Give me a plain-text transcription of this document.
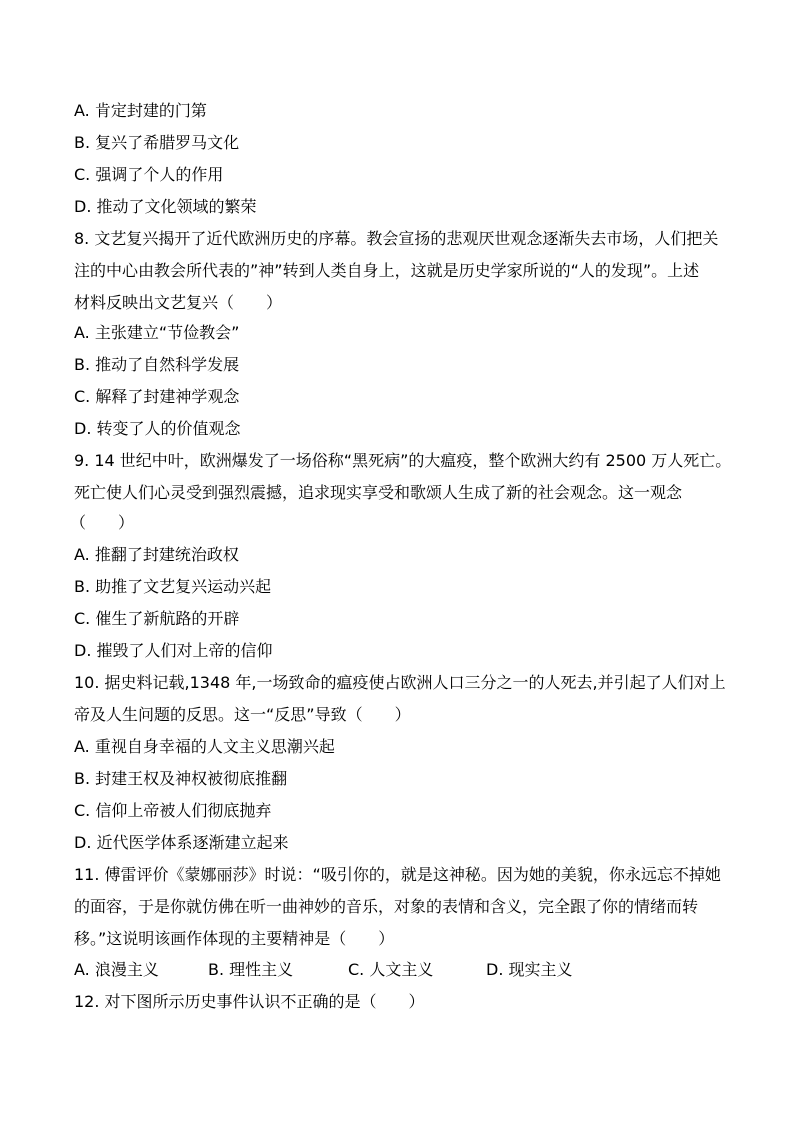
A. 肯定封建的门第
B. 复兴了希腊罗马文化
C. 强调了个人的作用
D. 推动了文化领域的繁荣
8. 文艺复兴揭开了近代欧洲历史的序幕。教会宣扬的悲观厌世观念逐渐失去市场，人们把关
注的中心由教会所代表的”神”转到人类自身上，这就是历史学家所说的“人的发现”。上述
材料反映出文艺复兴（　　）
A. 主张建立“节俭教会”
B. 推动了自然科学发展
C. 解释了封建神学观念
D. 转变了人的价值观念
9. 14 世纪中叶，欧洲爆发了一场俗称“黑死病”的大瘟疫，整个欧洲大约有 2500 万人死亡。
死亡使人们心灵受到强烈震撼，追求现实享受和歌颂人生成了新的社会观念。这一观念
（　　）
A. 推翻了封建统治政权
B. 助推了文艺复兴运动兴起
C. 催生了新航路的开辟
D. 摧毁了人们对上帝的信仰
10. 据史料记载,1348 年,一场致命的瘟疫使占欧洲人口三分之一的人死去,并引起了人们对上
帝及人生问题的反思。这一“反思”导致（　　）
A. 重视自身幸福的人文主义思潮兴起
B. 封建王权及神权被彻底推翻
C. 信仰上帝被人们彻底抛弃
D. 近代医学体系逐渐建立起来
11. 傅雷评价《蒙娜丽莎》时说：“吸引你的，就是这神秘。因为她的美貌，你永远忘不掉她
的面容，于是你就仿佛在听一曲神妙的音乐，对象的表情和含义，完全跟了你的情绪而转
移。”这说明该画作体现的主要精神是（　　）
A. 浪漫主义	B. 理性主义	C. 人文主义	D. 现实主义
12. 对下图所示历史事件认识不正确的是（　　）
